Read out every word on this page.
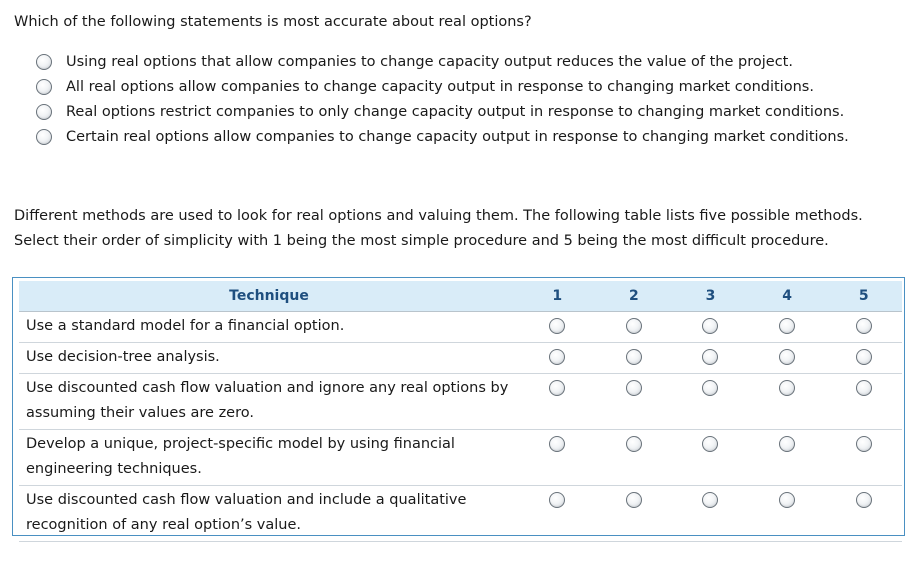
Which of the following statements is most accurate about real options?

Using real options that allow companies to change capacity output reduces the value of the project.
All real options allow companies to change capacity output in response to changing market conditions.
Real options restrict companies to only change capacity output in response to changing market conditions.
Certain real options allow companies to change capacity output in response to changing market conditions.

Different methods are used to look for real options and valuing them. The following table lists five possible methods.

Select their order of simplicity with 1 being the most simple procedure and 5 being the most difficult procedure.

Technique	1	2	3	4	5
Use a standard model for a financial option.					
Use decision-tree analysis.					
Use discounted cash flow valuation and ignore any real options by assuming their values are zero.					
Develop a unique, project-specific model by using financial engineering techniques.					
Use discounted cash flow valuation and include a qualitative recognition of any real option’s value.					
